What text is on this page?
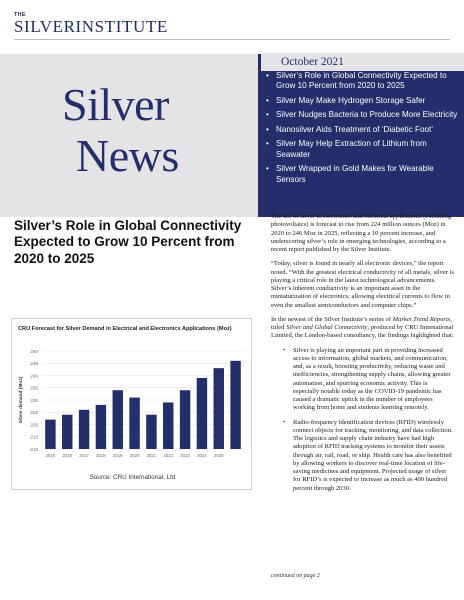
THE
SILVERINSTITUTE
October 2021
Silver
News
• Silver’s Role in Global Connectivity Expected to Grow 10 Percent from 2020 to 2025
• Silver May Make Hydrogen Storage Safer
• Silver Nudges Bacteria to Produce More Electricity
• Nanosilver Aids Treatment of ‘Diabetic Foot’
• Silver May Help Extraction of Lithium from Seawater
• Silver Wrapped in Gold Makes for Wearable Sensors
Silver’s Role in Global Connectivity Expected to Grow 10 Percent from 2020 to 2025
CRU Forecast for Silver Demand in Electrical and Electronics Applications (Moz)
210
215
220
225
230
235
240
245
250
Silver demand (Moz)
2015 2016 2017 2018 2019 2020 2021 2022 2023 2024 2025
Source: CRU International, Ltd

The use of silver in electronics and electrical applications (excluding photovoltaics) is forecast to rise from 224 million ounces (Moz) in 2020 to 246 Moz in 2025, reflecting a 10 percent increase, and underscoring silver’s role in emerging technologies, according to a recent report published by the Silver Institute.

“Today, silver is found in nearly all electronic devices,” the report noted. “With the greatest electrical conductivity of all metals, silver is playing a critical role in the latest technological advancements. Silver’s inherent conductivity is an important asset in the miniaturization of electronics; allowing electrical currents to flow in even the smallest semiconductors and computer chips.”

In the newest of the Silver Institute’s series of Market Trend Reports, titled Silver and Global Connectivity, produced by CRU International Limited, the London-based consultancy, the findings highlighted that:

• Silver is playing an important part in providing increased access to information, global markets, and communication, and, as a result, boosting productivity, reducing waste and inefficiencies, strengthening supply chains, allowing greater automation, and spurring economic activity. This is especially notable today as the COVID-19 pandemic has caused a dramatic uptick in the number of employees working from home and students learning remotely.
• Radio-frequency identification devices (RFID) wirelessly connect objects for tracking, monitoring, and data collection. The logistics and supply chain industry have had high adoption of RFID tracking systems to monitor their assets through air, rail, road, or ship. Health care has also benefited by allowing workers to discover real-time location of life-saving medicines and equipment. Projected usage of silver for RFID’s is expected to increase as much as 400 hundred percent through 2030.
continued on page 2
